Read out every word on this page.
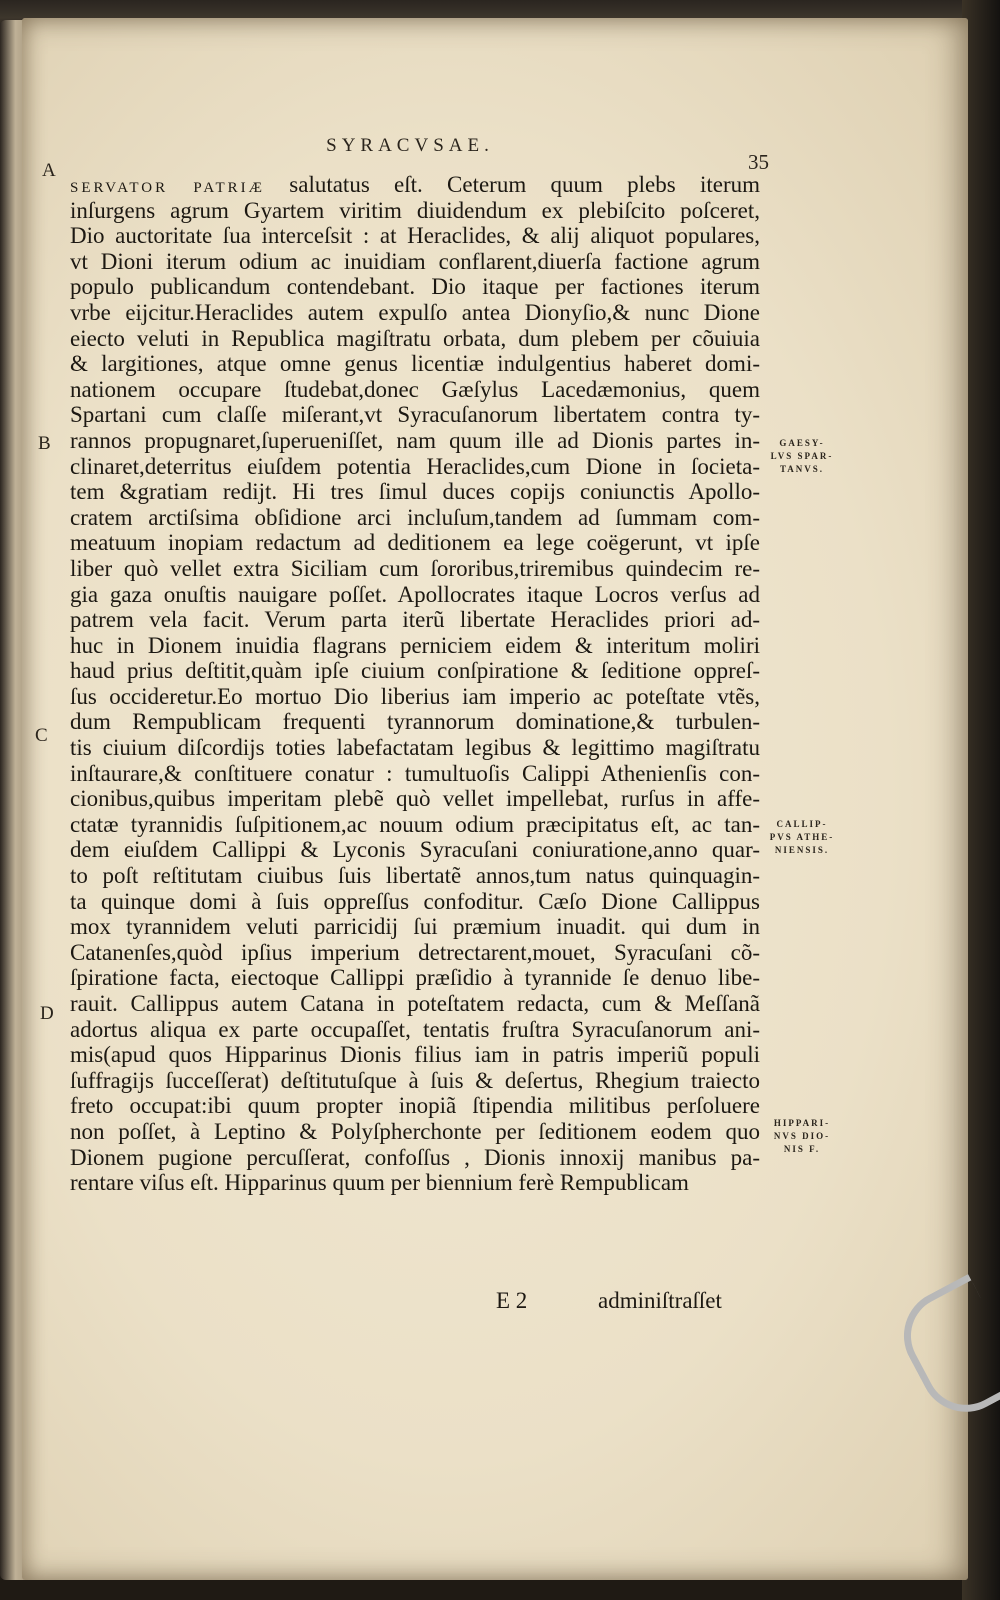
SYRACVSAE.
35
A
B
C
D
SERVATOR PATRIÆ salutatus eſt. Ceterum quum plebs iterum
inſurgens agrum Gyartem viritim diuidendum ex plebiſcito poſceret,
Dio auctoritate ſua interceſsit : at Heraclides, & alij aliquot populares,
vt Dioni iterum odium ac inuidiam conflarent,diuerſa factione agrum
populo publicandum contendebant. Dio itaque per factiones iterum
vrbe eijcitur.Heraclides autem expulſo antea Dionyſio,& nunc Dione
eiecto veluti in Republica magiſtratu orbata, dum plebem per cõuiuia
& largitiones, atque omne genus licentiæ indulgentius haberet domi-
nationem occupare ſtudebat,donec Gæſylus Lacedæmonius, quem
Spartani cum claſſe miſerant,vt Syracuſanorum libertatem contra ty-
rannos propugnaret,ſuperueniſſet, nam quum ille ad Dionis partes in-
clinaret,deterritus eiuſdem potentia Heraclides,cum Dione in ſocieta-
tem &gratiam redijt. Hi tres ſimul duces copijs coniunctis Apollo-
cratem arctiſsima obſidione arci incluſum,tandem ad ſummam com-
meatuum inopiam redactum ad deditionem ea lege coëgerunt, vt ipſe
liber quò vellet extra Siciliam cum ſororibus,triremibus quindecim re-
gia gaza onuſtis nauigare poſſet. Apollocrates itaque Locros verſus ad
patrem vela facit. Verum parta iterũ libertate Heraclides priori ad-
huc in Dionem inuidia flagrans perniciem eidem & interitum moliri
haud prius deſtitit,quàm ipſe ciuium conſpiratione & ſeditione oppreſ-
ſus occideretur.Eo mortuo Dio liberius iam imperio ac poteſtate vtẽs,
dum Rempublicam frequenti tyrannorum dominatione,& turbulen-
tis ciuium diſcordijs toties labefactatam legibus & legittimo magiſtratu
inſtaurare,& conſtituere conatur : tumultuoſis Calippi Athenienſis con-
cionibus,quibus imperitam plebẽ quò vellet impellebat, rurſus in affe-
ctatæ tyrannidis ſuſpitionem,ac nouum odium præcipitatus eſt, ac tan-
dem eiuſdem Callippi & Lyconis Syracuſani coniuratione,anno quar-
to poſt reſtitutam ciuibus ſuis libertatẽ annos,tum natus quinquagin-
ta quinque domi à ſuis oppreſſus confoditur. Cæſo Dione Callippus
mox tyrannidem veluti parricidij ſui præmium inuadit. qui dum in
Catanenſes,quòd ipſius imperium detrectarent,mouet, Syracuſani cõ-
ſpiratione facta, eiectoque Callippi præſidio à tyrannide ſe denuo libe-
rauit. Callippus autem Catana in poteſtatem redacta, cum & Meſſanã
adortus aliqua ex parte occupaſſet, tentatis fruſtra Syracuſanorum ani-
mis(apud quos Hipparinus Dionis filius iam in patris imperiũ populi
ſuffragijs ſucceſſerat) deſtitutuſque à ſuis & deſertus, Rhegium traiecto
freto occupat:ibi quum propter inopiã ſtipendia militibus perſoluere
non poſſet, à Leptino & Polyſpherchonte per ſeditionem eodem quo
Dionem pugione percuſſerat, confoſſus , Dionis innoxij manibus pa-
rentare viſus eſt. Hipparinus quum per biennium ferè Rempublicam
GAESY-
LVS SPAR-
TANVS.
CALLIP-
PVS ATHE-
NIENSIS.
HIPPARI-
NVS DIO-
NIS F.
E 2	adminiſtraſſet
